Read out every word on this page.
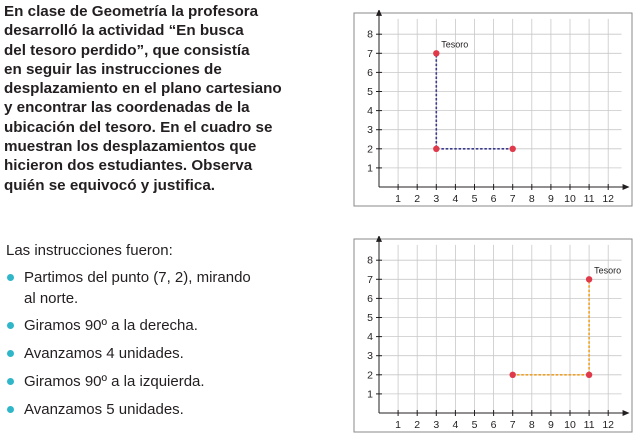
En clase de Geometría la profesora
desarrolló la actividad “En busca
del tesoro perdido”, que consistía
en seguir las instrucciones de
desplazamiento en el plano cartesiano
y encontrar las coordenadas de la
ubicación del tesoro. En el cuadro se
muestran los desplazamientos que
hicieron dos estudiantes. Observa
quién se equivocó y justifica.

Las instrucciones fueron:

Partimos del punto (7, 2), mirando
al norte.
Giramos 90º a la derecha.
Avanzamos 4 unidades.
Giramos 90º a la izquierda.
Avanzamos 5 unidades.
1 2 3 4 5 6 7 8 9 10 11 12
1
2
3
4
5
6
7
8
Tesoro
1 2 3 4 5 6 7 8 9 10 11 12
1
2
3
4
5
6
7
8
Tesoro
